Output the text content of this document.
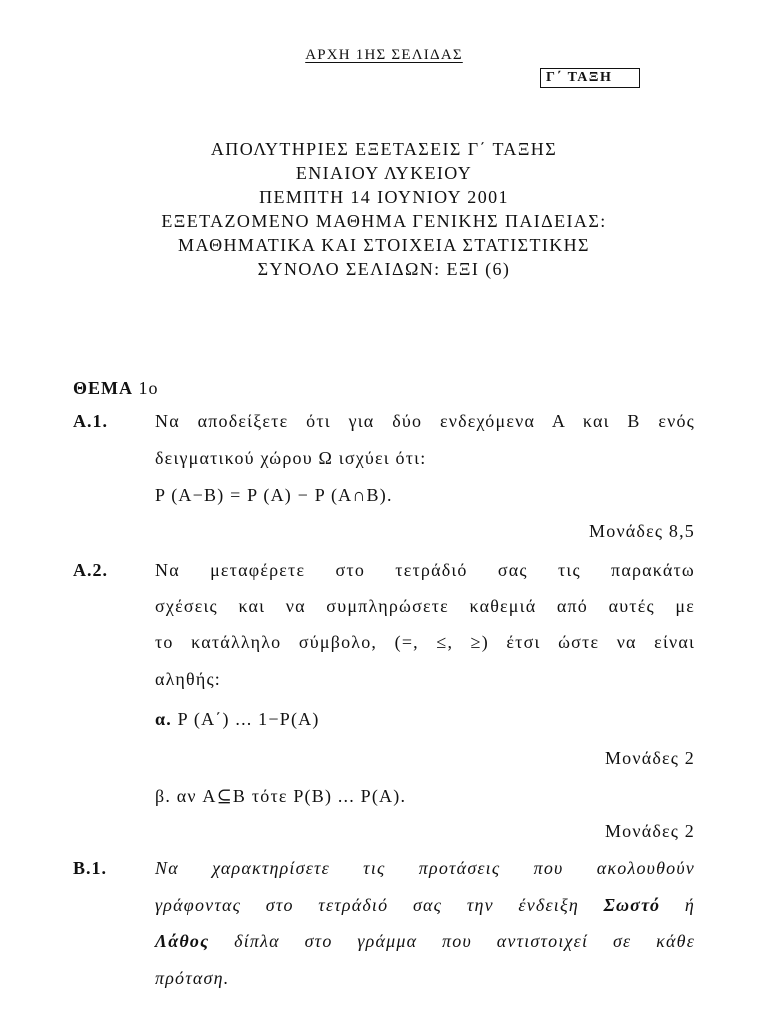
ΑΡΧΗ 1ΗΣ ΣΕΛΙΔΑΣ
Γ΄ ΤΑΞΗ
ΑΠΟΛΥΤΗΡΙΕΣ ΕΞΕΤΑΣΕΙΣ Γ΄ ΤΑΞΗΣ
ΕΝΙΑΙΟΥ ΛΥΚΕΙΟΥ
ΠΕΜΠΤΗ 14 ΙΟΥΝΙΟΥ 2001
ΕΞΕΤΑΖΟΜΕΝΟ ΜΑΘΗΜΑ ΓΕΝΙΚΗΣ ΠΑΙΔΕΙΑΣ:
ΜΑΘΗΜΑΤΙΚΑ ΚΑΙ ΣΤΟΙΧΕΙΑ ΣΤΑΤΙΣΤΙΚΗΣ
ΣΥΝΟΛΟ ΣΕΛΙΔΩΝ: ΕΞΙ (6)
ΘΕΜΑ 1ο
Α.1.	Να αποδείξετε ότι για δύο ενδεχόμενα Α και Β ενός
δειγματικού χώρου Ω ισχύει ότι:
P (A−B) = P (A) − P (A∩B).
Μονάδες 8,5
Α.2.	Να μεταφέρετε στο τετράδιό σας τις παρακάτω
σχέσεις και να συμπληρώσετε καθεμιά από αυτές με
το κατάλληλο σύμβολο, (=, ≤, ≥) έτσι ώστε να είναι
αληθής:
α. P (A΄) ... 1−P(A)
Μονάδες 2
β. αν A⊆B τότε P(B) ... P(A).
Μονάδες 2
Β.1.	Να χαρακτηρίσετε τις προτάσεις που ακολουθούν
γράφοντας στο τετράδιό σας την ένδειξη Σωστό ή
Λάθος δίπλα στο γράμμα που αντιστοιχεί σε κάθε
πρόταση.
